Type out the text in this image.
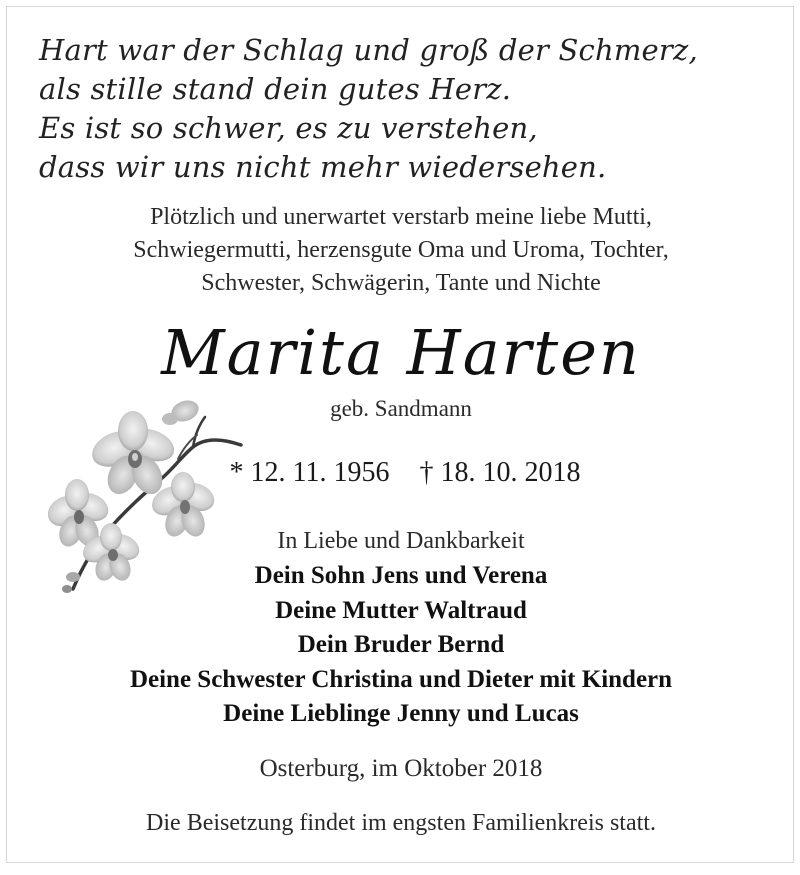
Hart war der Schlag und groß der Schmerz,
als stille stand dein gutes Herz.
Es ist so schwer, es zu verstehen,
dass wir uns nicht mehr wiedersehen.
Plötzlich und unerwartet verstarb meine liebe Mutti,
Schwiegermutti, herzensgute Oma und Uroma, Tochter,
Schwester, Schwägerin, Tante und Nichte
Marita Harten
geb. Sandmann
* 12. 11. 1956 † 18. 10. 2018
In Liebe und Dankbarkeit
Dein Sohn Jens und Verena
Deine Mutter Waltraud
Dein Bruder Bernd
Deine Schwester Christina und Dieter mit Kindern
Deine Lieblinge Jenny und Lucas
Osterburg, im Oktober 2018
Die Beisetzung findet im engsten Familienkreis statt.
